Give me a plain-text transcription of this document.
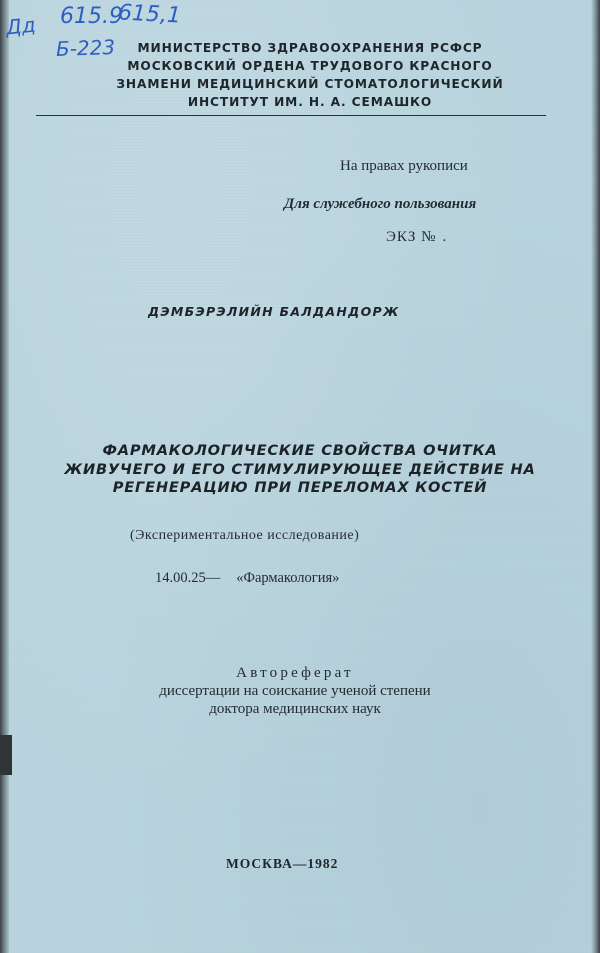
Дд 615.9
615,1
Б-223	МИНИСТЕРСТВО ЗДРАВООХРАНЕНИЯ РСФСР
МОСКОВСКИЙ ОРДЕНА ТРУДОВОГО КРАСНОГО
ЗНАМЕНИ МЕДИЦИНСКИЙ СТОМАТОЛОГИЧЕСКИЙ
ИНСТИТУТ ИМ. Н. А. СЕМАШКО
На правах рукописи
Для служебного пользования
ЭКЗ № .
ДЭМБЭРЭЛИЙН БАЛДАНДОРЖ
ФАРМАКОЛОГИЧЕСКИЕ СВОЙСТВА ОЧИТКА
ЖИВУЧЕГО И ЕГО СТИМУЛИРУЮЩЕЕ ДЕЙСТВИЕ НА
РЕГЕНЕРАЦИЮ ПРИ ПЕРЕЛОМАХ КОСТЕЙ
(Экспериментальное исследование)
14.00.25— «Фармакология»
Автореферат
диссертации на соискание ученой степени
доктора медицинских наук
МОСКВА—1982
